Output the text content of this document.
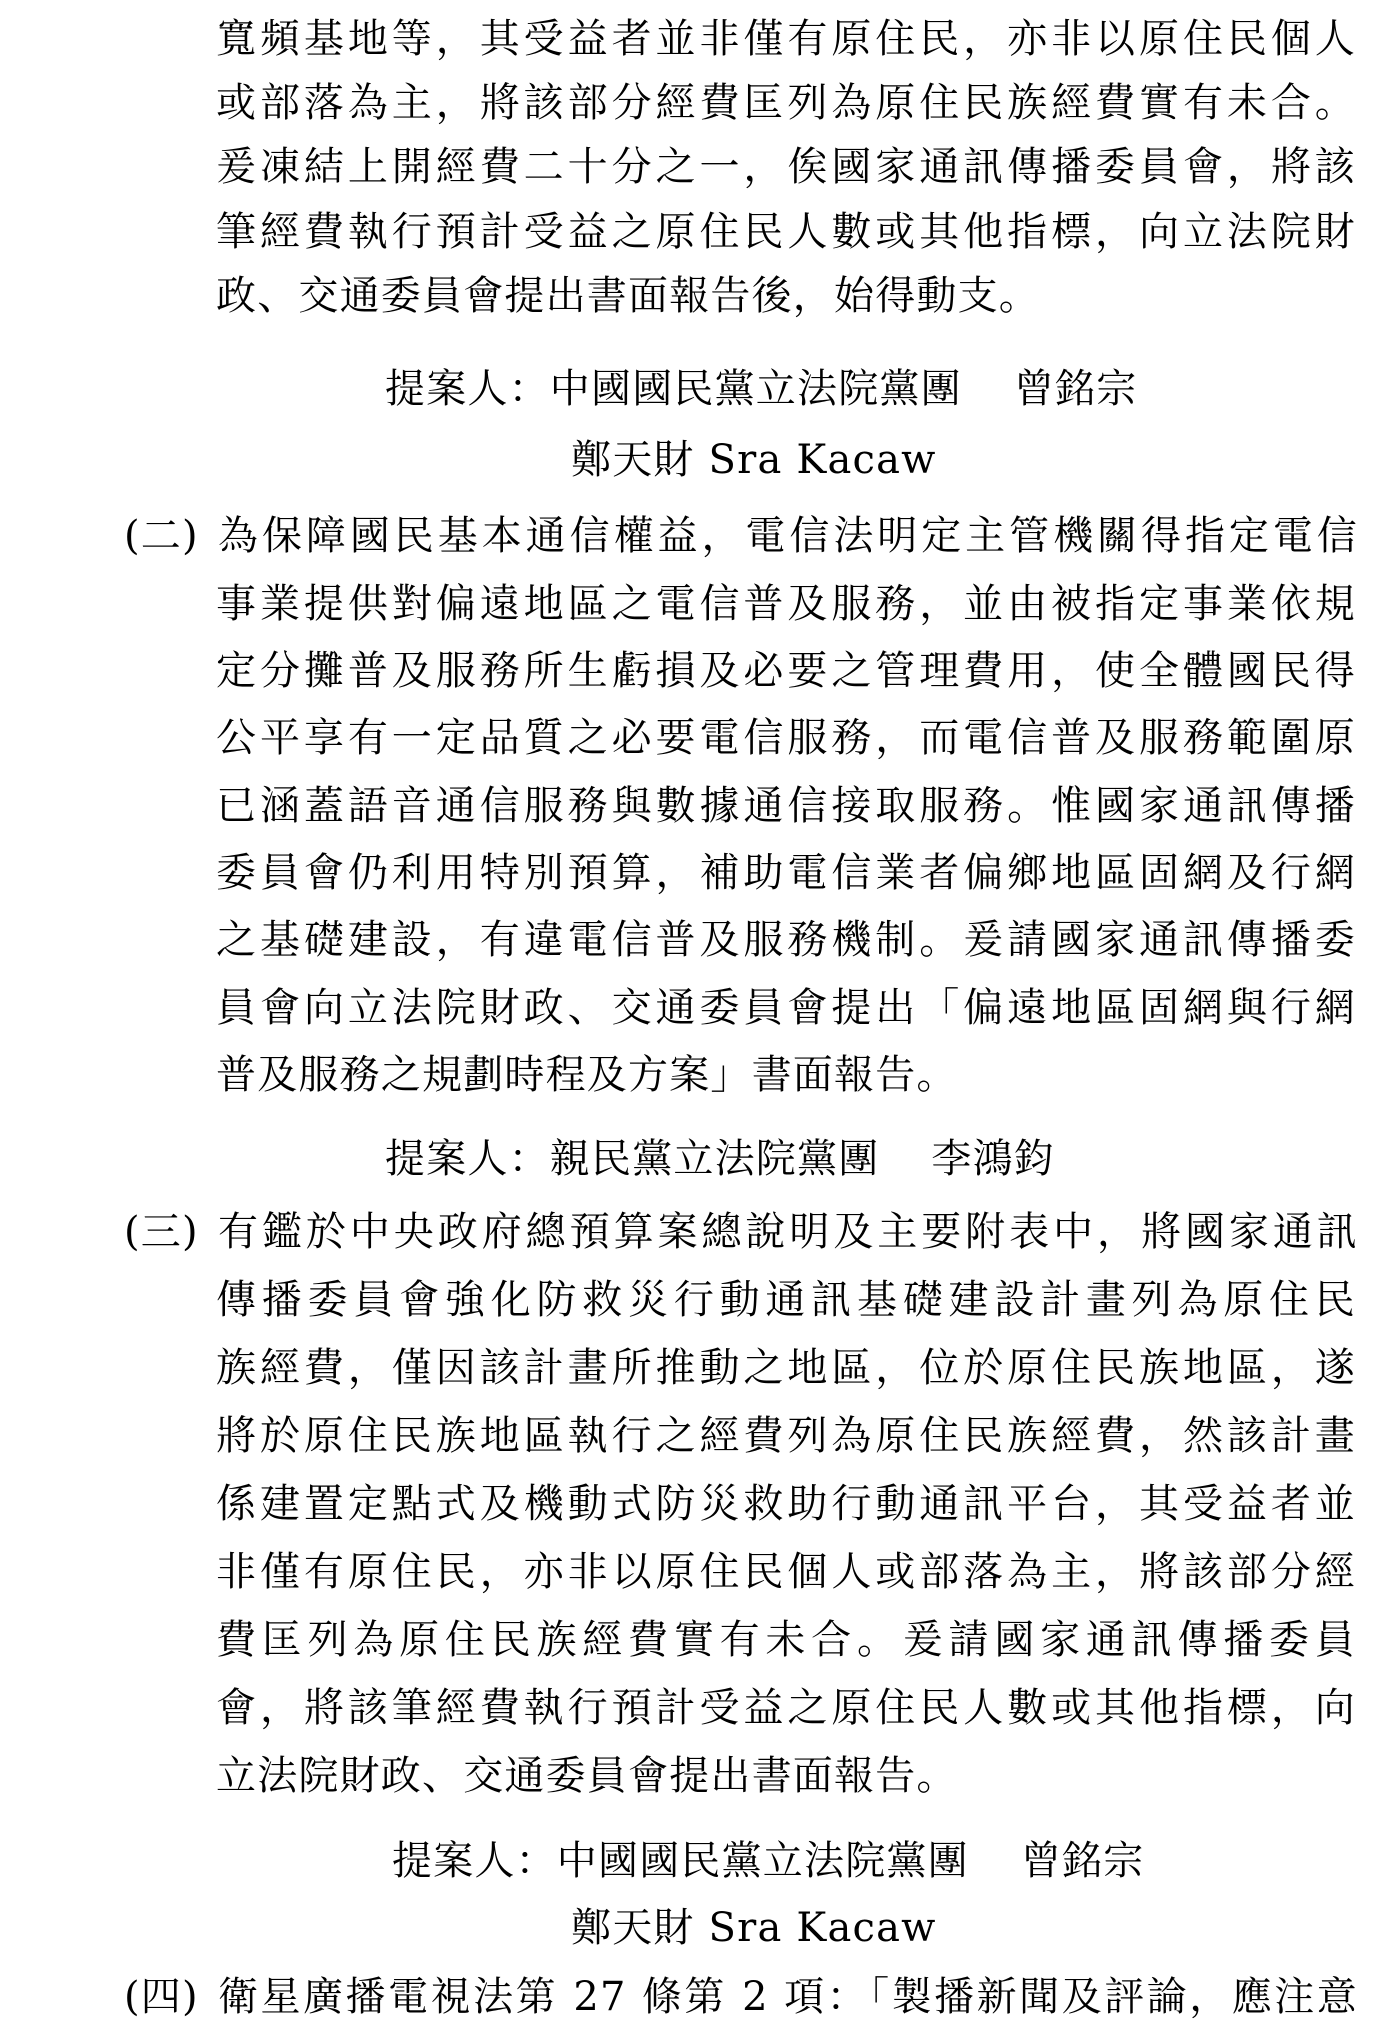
寬頻基地等，其受益者並非僅有原住民，亦非以原住民個人
或部落為主，將該部分經費匡列為原住民族經費實有未合。
爰凍結上開經費二十分之一，俟國家通訊傳播委員會，將該
筆經費執行預計受益之原住民人數或其他指標，向立法院財
政、交通委員會提出書面報告後，始得動支。
提案人：中國國民黨立法院黨團 曾銘宗
鄭天財 Sra Kacaw
(二) 為保障國民基本通信權益，電信法明定主管機關得指定電信
事業提供對偏遠地區之電信普及服務，並由被指定事業依規
定分攤普及服務所生虧損及必要之管理費用，使全體國民得
公平享有一定品質之必要電信服務，而電信普及服務範圍原
已涵蓋語音通信服務與數據通信接取服務。惟國家通訊傳播
委員會仍利用特別預算，補助電信業者偏鄉地區固網及行網
之基礎建設，有違電信普及服務機制。爰請國家通訊傳播委
員會向立法院財政、交通委員會提出「偏遠地區固網與行網
普及服務之規劃時程及方案」書面報告。
提案人：親民黨立法院黨團 李鴻鈞
(三) 有鑑於中央政府總預算案總說明及主要附表中，將國家通訊
傳播委員會強化防救災行動通訊基礎建設計畫列為原住民
族經費，僅因該計畫所推動之地區，位於原住民族地區，遂
將於原住民族地區執行之經費列為原住民族經費，然該計畫
係建置定點式及機動式防災救助行動通訊平台，其受益者並
非僅有原住民，亦非以原住民個人或部落為主，將該部分經
費匡列為原住民族經費實有未合。爰請國家通訊傳播委員
會，將該筆經費執行預計受益之原住民人數或其他指標，向
立法院財政、交通委員會提出書面報告。
提案人：中國國民黨立法院黨團 曾銘宗
鄭天財 Sra Kacaw
(四) 衛星廣播電視法第 27 條第 2 項：「製播新聞及評論，應注意
